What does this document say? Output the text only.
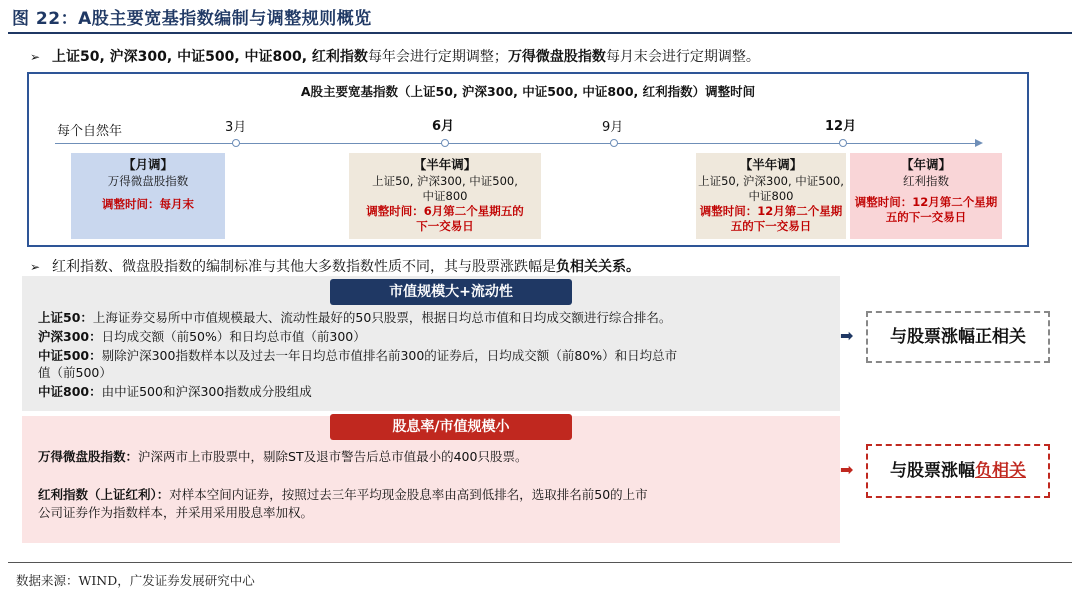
图 22：A股主要宽基指数编制与调整规则概览
➢ 上证50, 沪深300, 中证500, 中证800, 红利指数每年会进行定期调整；万得微盘股指数每月末会进行定期调整。
A股主要宽基指数（上证50, 沪深300, 中证500, 中证800, 红利指数）调整时间
每个自然年	3月	6月	9月	12月
【月调】
万得微盘股指数
调整时间：每月末
【半年调】
上证50, 沪深300, 中证500, 中证800
调整时间：6月第二个星期五的下一交易日
【半年调】
上证50, 沪深300, 中证500, 中证800
调整时间：12月第二个星期五的下一交易日
【年调】
红利指数
调整时间：12月第二个星期五的下一交易日
➢ 红利指数、微盘股指数的编制标准与其他大多数指数性质不同，其与股票涨跌幅是负相关关系。
市值规模大+流动性
上证50：上海证券交易所中市值规模最大、流动性最好的50只股票，根据日均总市值和日均成交额进行综合排名。
沪深300：日均成交额（前50%）和日均总市值（前300）
中证500：剔除沪深300指数样本以及过去一年日均总市值排名前300的证券后，日均成交额（前80%）和日均总市
值（前500）
中证800：由中证500和沪深300指数成分股组成
股息率/市值规模小
万得微盘股指数：沪深两市上市股票中，剔除ST及退市警告后总市值最小的400只股票。
红利指数（上证红利）：对样本空间内证券，按照过去三年平均现金股息率由高到低排名，选取排名前50的上市
公司证券作为指数样本，并采用采用股息率加权。
➡	与股票涨幅正相关
➡	与股票涨幅负相关
数据来源：WIND，广发证券发展研究中心
